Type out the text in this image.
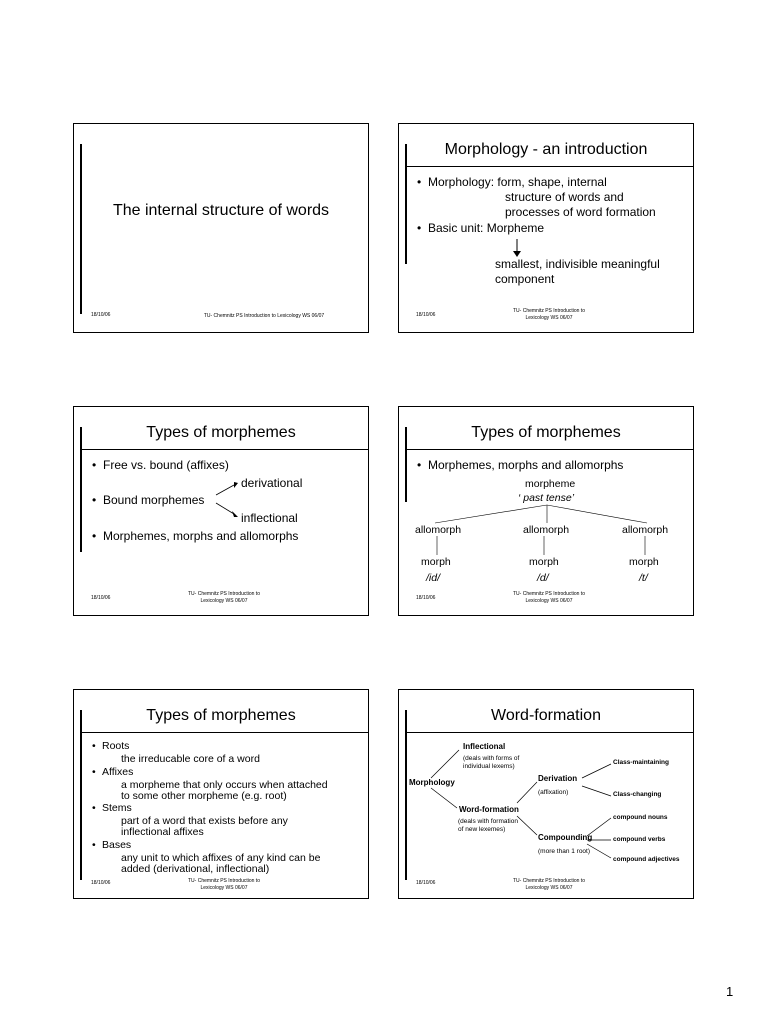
The internal structure of words
18/10/06	TU- Chemnitz PS Introduction to Lexicology WS 06/07
Morphology - an introduction
• Morphology: form, shape, internal
structure of words and
processes of word formation
• Basic unit: Morpheme
smallest, indivisible meaningful
component
18/10/06
TU- Chemnitz PS Introduction to
Lexicology WS 06/07
Types of morphemes
• Free vs. bound (affixes)
derivational
• Bound morphemes
inflectional
• Morphemes, morphs and allomorphs
18/10/06
TU- Chemnitz PS Introduction to
Lexicology WS 06/07
Types of morphemes
• Morphemes, morphs and allomorphs
morpheme
‘ past tense’
allomorph	allomorph	allomorph
morph	morph	morph
/id/	/d/	/t/
18/10/06
TU- Chemnitz PS Introduction to
Lexicology WS 06/07
Types of morphemes
• Roots
the irreducable core of a word
• Affixes
a morpheme that only occurs when attached
to some other morpheme (e.g. root)
• Stems
part of a word that exists before any
inflectional affixes
• Bases
any unit to which affixes of any kind can be
added (derivational, inflectional)
18/10/06	TU- Chemnitz PS Introduction to
Lexicology WS 06/07
Word-formation
Inflectional
(deals with forms of
individual lexems)
Morphology	Derivation
(affixation)
Class-maintaining
Class-changing
Word-formation
(deals with formation
of new lexemes)
Compounding
(more than 1 root)
compound nouns
compound verbs
compound adjectives
18/10/06	TU- Chemnitz PS Introduction to
Lexicology WS 06/07
1
